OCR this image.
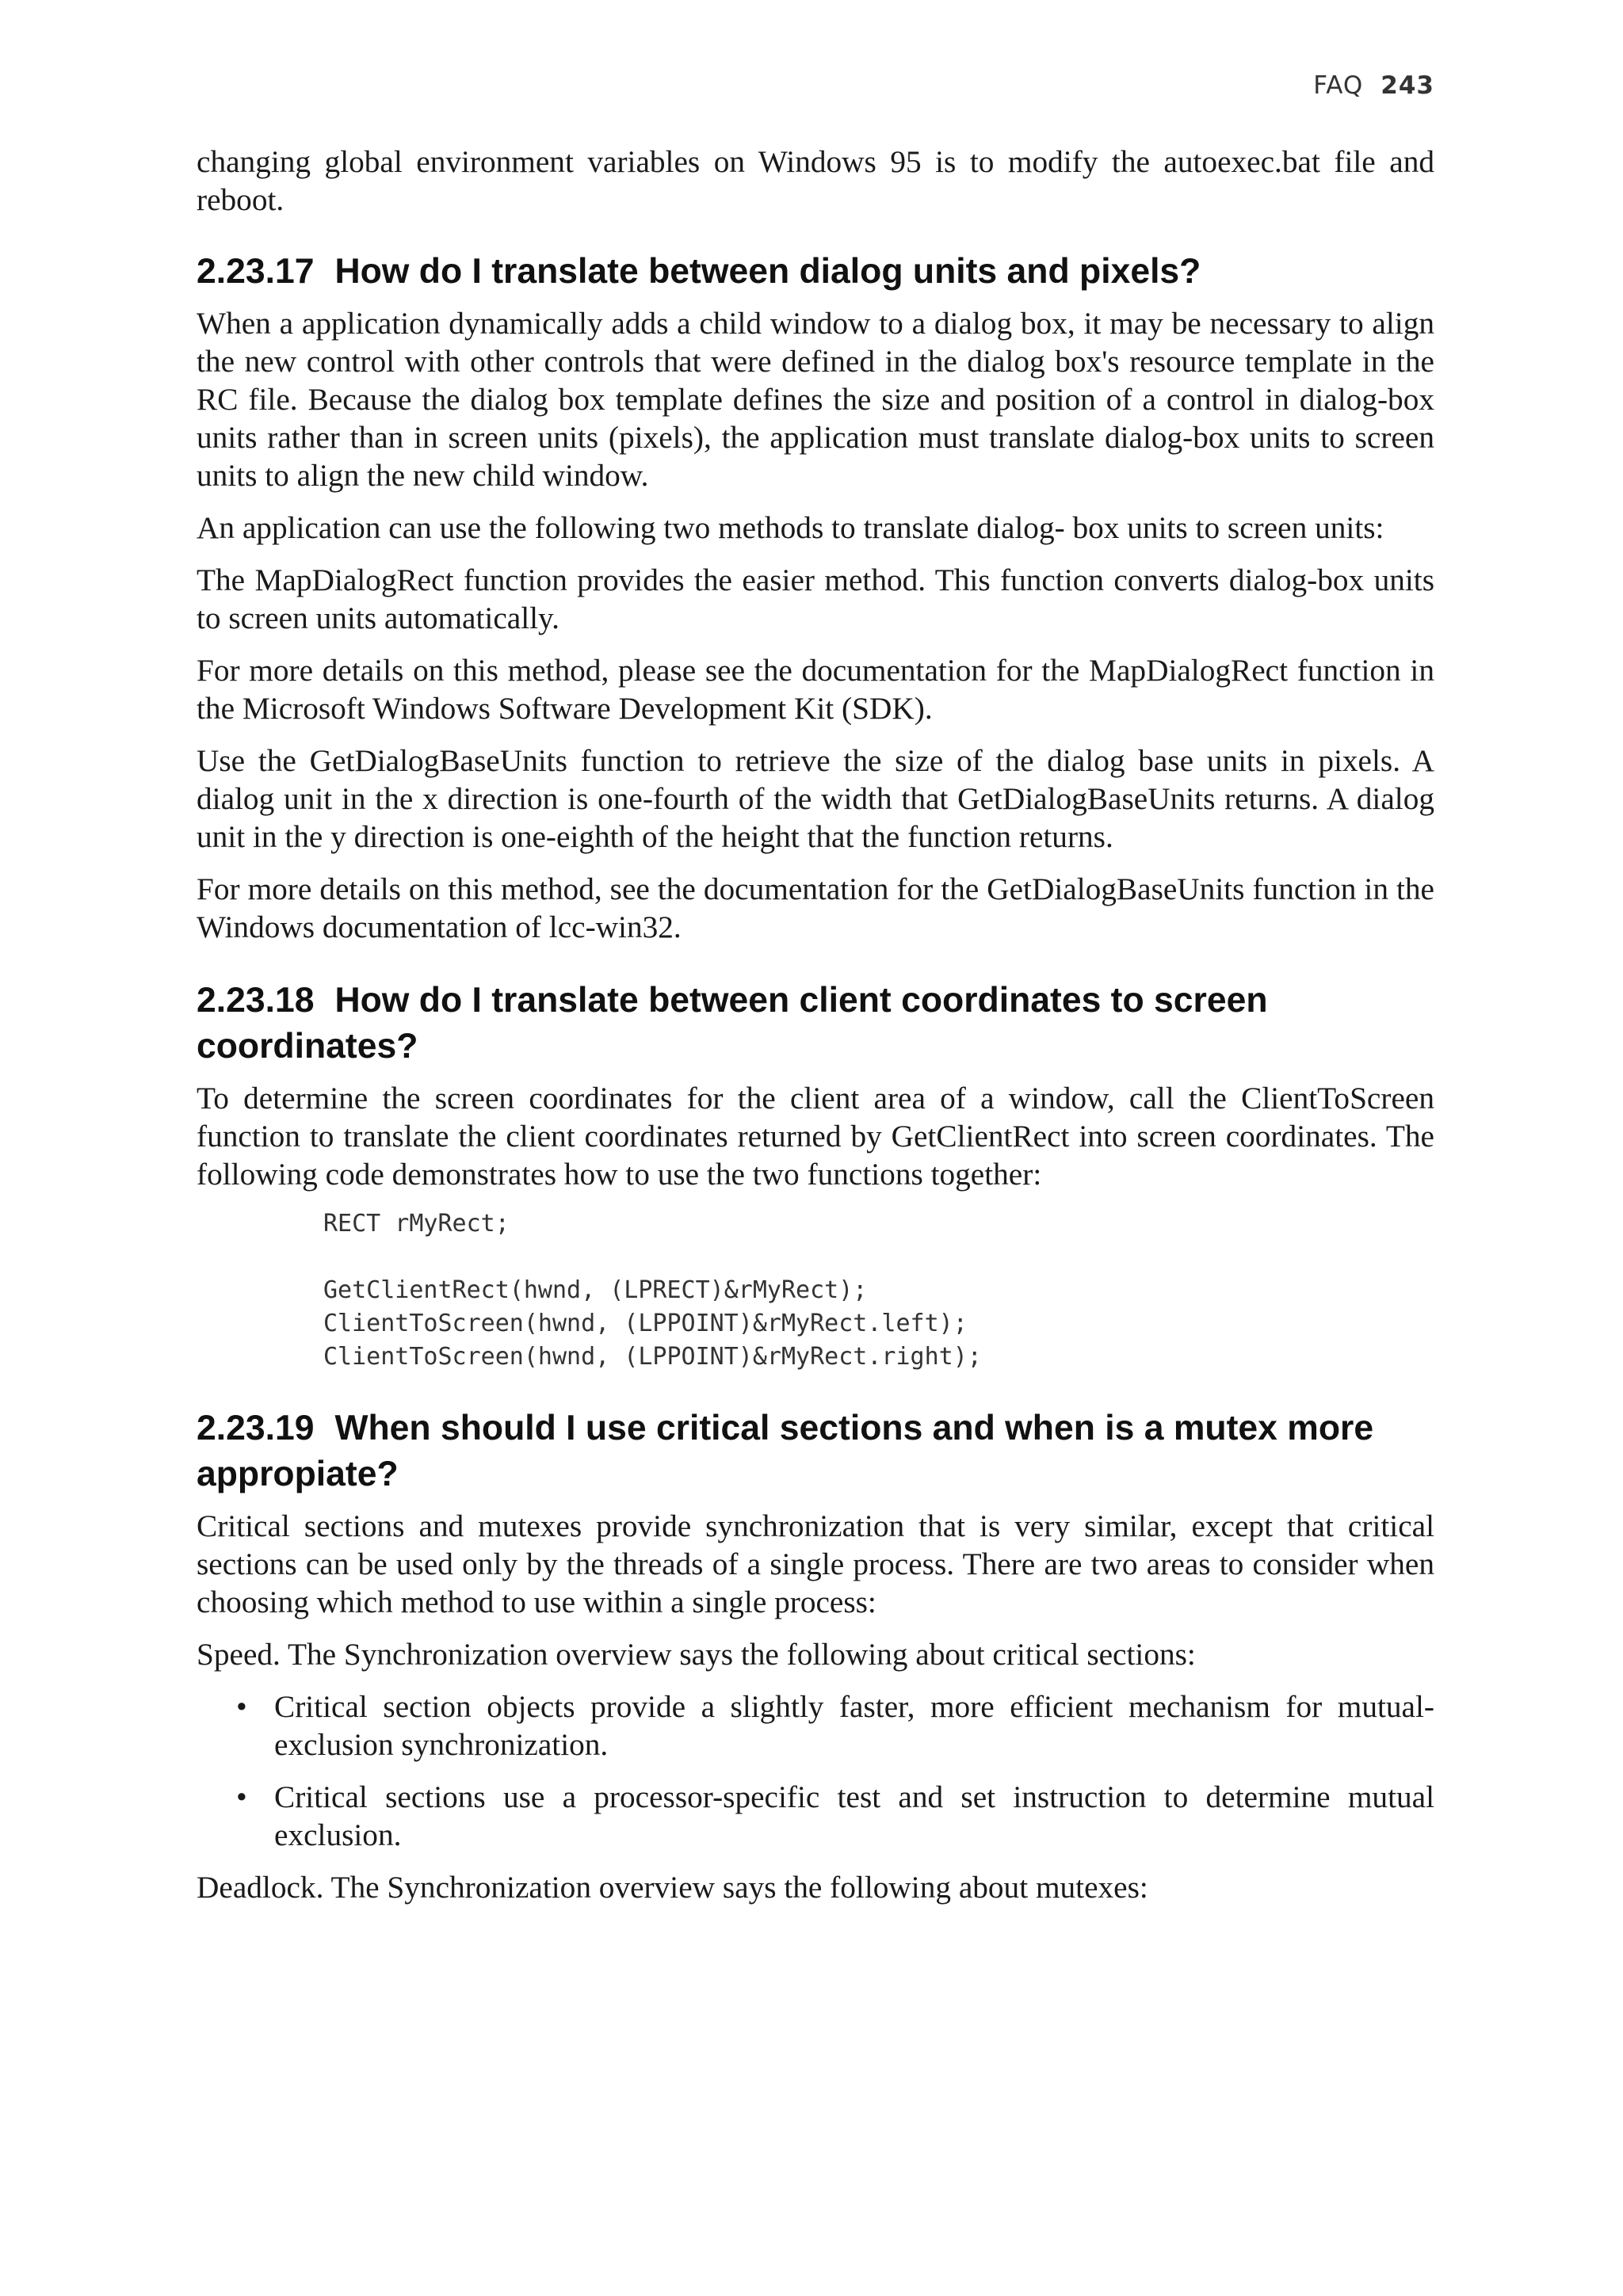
FAQ 243

changing global environment variables on Windows 95 is to modify the autoexec.bat file and reboot.

2.23.17 How do I translate between dialog units and pixels?

When a application dynamically adds a child window to a dialog box, it may be necessary to align the new control with other controls that were defined in the dialog box's resource template in the RC file. Because the dialog box template defines the size and position of a control in dialog-box units rather than in screen units (pixels), the application must translate dialog-box units to screen units to align the new child window.

An application can use the following two methods to translate dialog- box units to screen units:

The MapDialogRect function provides the easier method. This function converts dialog-box units to screen units automatically.

For more details on this method, please see the documentation for the MapDialogRect function in the Microsoft Windows Software Development Kit (SDK).

Use the GetDialogBaseUnits function to retrieve the size of the dialog base units in pixels. A dialog unit in the x direction is one-fourth of the width that GetDialogBaseUnits returns. A dialog unit in the y direction is one-eighth of the height that the function returns.

For more details on this method, see the documentation for the GetDialogBaseUnits function in the Windows documentation of lcc-win32.

2.23.18 How do I translate between client coordinates to screen coordinates?

To determine the screen coordinates for the client area of a window, call the ClientToScreen function to translate the client coordinates returned by GetClientRect into screen coordinates. The following code demonstrates how to use the two functions together:

RECT rMyRect;

GetClientRect(hwnd, (LPRECT)&rMyRect);
ClientToScreen(hwnd, (LPPOINT)&rMyRect.left);
ClientToScreen(hwnd, (LPPOINT)&rMyRect.right);
2.23.19 When should I use critical sections and when is a mutex more appropiate?

Critical sections and mutexes provide synchronization that is very similar, except that critical sections can be used only by the threads of a single process. There are two areas to consider when choosing which method to use within a single process:

Speed. The Synchronization overview says the following about critical sections:

• Critical section objects provide a slightly faster, more efficient mechanism for mutual-exclusion synchronization.
• Critical sections use a processor-specific test and set instruction to determine mutual exclusion.

Deadlock. The Synchronization overview says the following about mutexes:
